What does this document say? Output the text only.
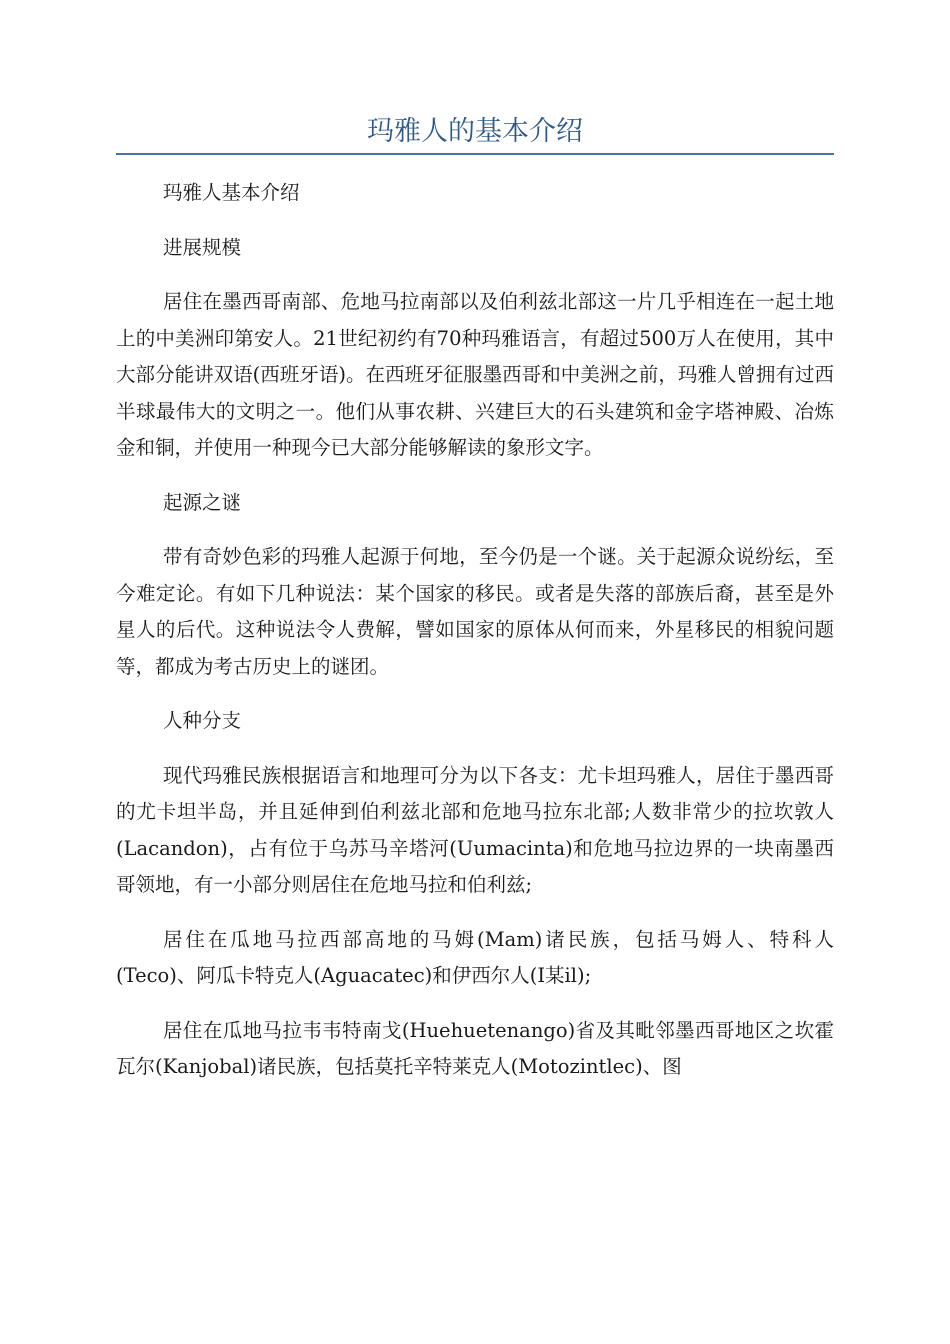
玛雅人的基本介绍

玛雅人基本介绍

进展规模

居住在墨西哥南部、危地马拉南部以及伯利兹北部这一片几乎相连在一起土地上的中美洲印第安人。21世纪初约有70种玛雅语言，有超过500万人在使用，其中大部分能讲双语(西班牙语)。在西班牙征服墨西哥和中美洲之前，玛雅人曾拥有过西半球最伟大的文明之一。他们从事农耕、兴建巨大的石头建筑和金字塔神殿、冶炼金和铜，并使用一种现今已大部分能够解读的象形文字。

起源之谜

带有奇妙色彩的玛雅人起源于何地，至今仍是一个谜。关于起源众说纷纭，至今难定论。有如下几种说法：某个国家的移民。或者是失落的部族后裔，甚至是外星人的后代。这种说法令人费解，譬如国家的原体从何而来，外星移民的相貌问题等，都成为考古历史上的谜团。

人种分支

现代玛雅民族根据语言和地理可分为以下各支：尤卡坦玛雅人，居住于墨西哥的尤卡坦半岛，并且延伸到伯利兹北部和危地马拉东北部;人数非常少的拉坎敦人(Lacandon)，占有位于乌苏马辛塔河(Uumacinta)和危地马拉边界的一块南墨西哥领地，有一小部分则居住在危地马拉和伯利兹;

居住在瓜地马拉西部高地的马姆(Mam)诸民族，包括马姆人、特科人(Teco)、阿瓜卡特克人(Aguacatec)和伊西尔人(I某il);

居住在瓜地马拉韦韦特南戈(Huehuetenango)省及其毗邻墨西哥地区之坎霍瓦尔(Kanjobal)诸民族，包括莫托辛特莱克人(Motozintlec)、图
